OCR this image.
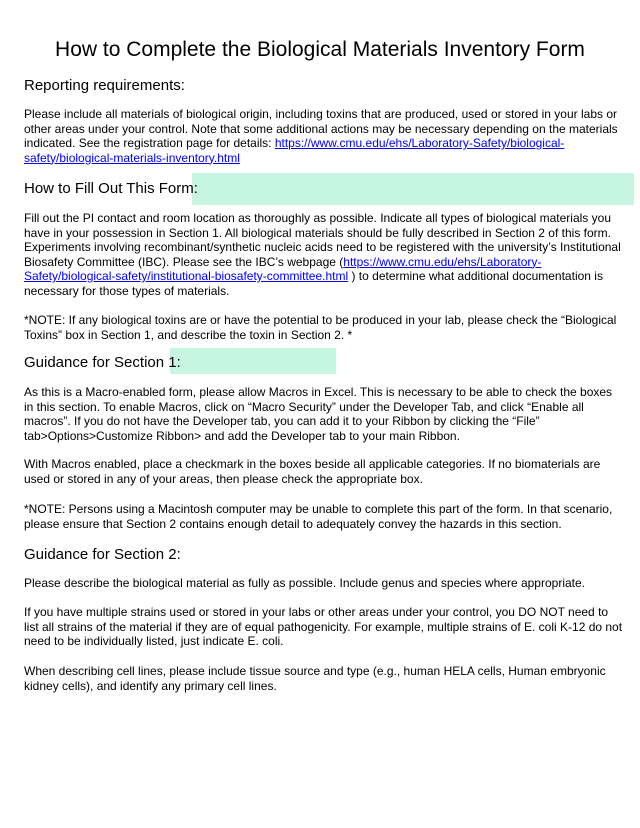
How to Complete the Biological Materials Inventory Form
Reporting requirements:

Please include all materials of biological origin, including toxins that are produced, used or stored in your labs or other areas under your control. Note that some additional actions may be necessary depending on the materials indicated. See the registration page for details: https://www.cmu.edu/ehs/Laboratory-Safety/biological-safety/biological-materials-inventory.html

How to Fill Out This Form:

Fill out the PI contact and room location as thoroughly as possible. Indicate all types of biological materials you have in your possession in Section 1. All biological materials should be fully described in Section 2 of this form. Experiments involving recombinant/synthetic nucleic acids need to be registered with the university’s Institutional Biosafety Committee (IBC). Please see the IBC’s webpage (https://www.cmu.edu/ehs/Laboratory-Safety/biological-safety/institutional-biosafety-committee.html ) to determine what additional documentation is necessary for those types of materials.

*NOTE: If any biological toxins are or have the potential to be produced in your lab, please check the “Biological Toxins” box in Section 1, and describe the toxin in Section 2. *

Guidance for Section 1:

As this is a Macro-enabled form, please allow Macros in Excel. This is necessary to be able to check the boxes in this section. To enable Macros, click on “Macro Security” under the Developer Tab, and click “Enable all macros”. If you do not have the Developer tab, you can add it to your Ribbon by clicking the “File” tab>Options>Customize Ribbon> and add the Developer tab to your main Ribbon.

With Macros enabled, place a checkmark in the boxes beside all applicable categories. If no biomaterials are used or stored in any of your areas, then please check the appropriate box.

*NOTE: Persons using a Macintosh computer may be unable to complete this part of the form. In that scenario, please ensure that Section 2 contains enough detail to adequately convey the hazards in this section.

Guidance for Section 2:

Please describe the biological material as fully as possible. Include genus and species where appropriate.

If you have multiple strains used or stored in your labs or other areas under your control, you DO NOT need to list all strains of the material if they are of equal pathogenicity. For example, multiple strains of E. coli K-12 do not need to be individually listed, just indicate E. coli.

When describing cell lines, please include tissue source and type (e.g., human HELA cells, Human embryonic kidney cells), and identify any primary cell lines.
